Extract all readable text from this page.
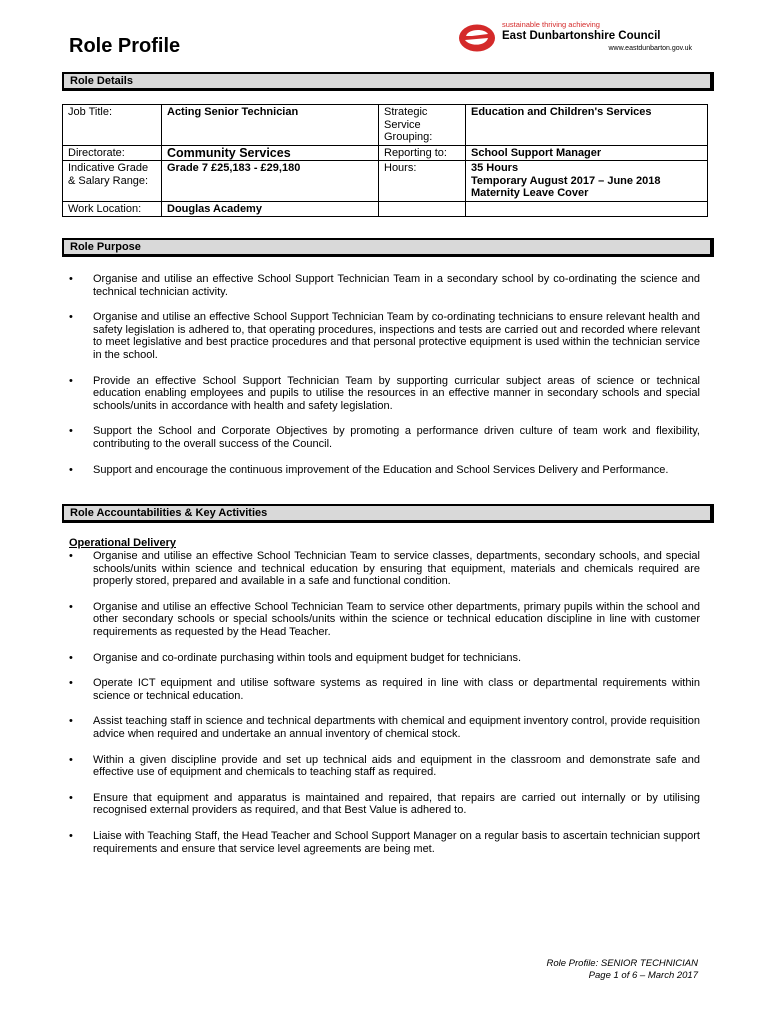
Role Profile
sustainable thriving achieving
East Dunbartonshire Council
www.eastdunbarton.gov.uk
Role Details
Job Title:	Acting Senior Technician	Strategic Service Grouping:	Education and Children's Services
Directorate:	Community Services	Reporting to:	School Support Manager
Indicative Grade & Salary Range:	Grade 7 £25,183 - £29,180	Hours:	35 Hours
Temporary August 2017 – June 2018
Maternity Leave Cover

Work Location:	Douglas Academy		
Role Purpose
• Organise and utilise an effective School Support Technician Team in a secondary school by co-ordinating the science and technical technician activity.
• Organise and utilise an effective School Support Technician Team by co-ordinating technicians to ensure relevant health and safety legislation is adhered to, that operating procedures, inspections and tests are carried out and recorded where relevant to meet legislative and best practice procedures and that personal protective equipment is used within the technician service in the school.
• Provide an effective School Support Technician Team by supporting curricular subject areas of science or technical education enabling employees and pupils to utilise the resources in an effective manner in secondary schools and special schools/units in accordance with health and safety legislation.
• Support the School and Corporate Objectives by promoting a performance driven culture of team work and flexibility, contributing to the overall success of the Council.
• Support and encourage the continuous improvement of the Education and School Services Delivery and Performance.
Role Accountabilities & Key Activities
Operational Delivery
• Organise and utilise an effective School Technician Team to service classes, departments, secondary schools, and special schools/units within science and technical education by ensuring that equipment, materials and chemicals required are properly stored, prepared and available in a safe and functional condition.
• Organise and utilise an effective School Technician Team to service other departments, primary pupils within the school and other secondary schools or special schools/units within the science or technical education discipline in line with customer requirements as requested by the Head Teacher.
• Organise and co-ordinate purchasing within tools and equipment budget for technicians.
• Operate ICT equipment and utilise software systems as required in line with class or departmental requirements within science or technical education.
• Assist teaching staff in science and technical departments with chemical and equipment inventory control, provide requisition advice when required and undertake an annual inventory of chemical stock.
• Within a given discipline provide and set up technical aids and equipment in the classroom and demonstrate safe and effective use of equipment and chemicals to teaching staff as required.
• Ensure that equipment and apparatus is maintained and repaired, that repairs are carried out internally or by utilising recognised external providers as required, and that Best Value is adhered to.
• Liaise with Teaching Staff, the Head Teacher and School Support Manager on a regular basis to ascertain technician support requirements and ensure that service level agreements are being met.
Role Profile: SENIOR TECHNICIAN
Page 1 of 6 – March 2017
